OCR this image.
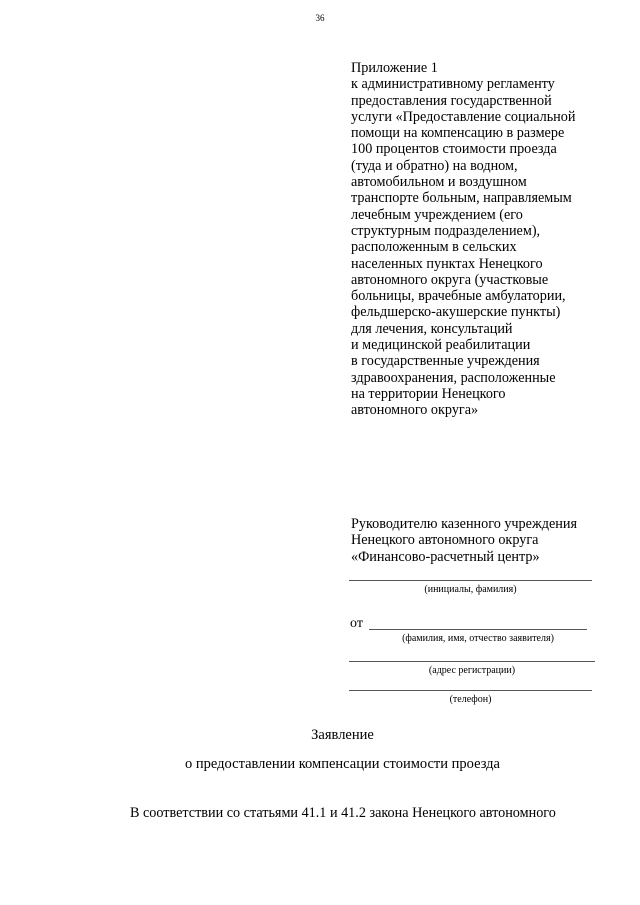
36
Приложение 1
к административному регламенту
предоставления государственной
услуги «Предоставление социальной
помощи на компенсацию в размере
100 процентов стоимости проезда
(туда и обратно) на водном,
автомобильном и воздушном
транспорте больным, направляемым
лечебным учреждением (его
структурным подразделением),
расположенным в сельских
населенных пунктах Ненецкого
автономного округа (участковые
больницы, врачебные амбулатории,
фельдшерско-акушерские пункты)
для лечения, консультаций
и медицинской реабилитации
в государственные учреждения
здравоохранения, расположенные
на территории Ненецкого
автономного округа»
Руководителю казенного учреждения
Ненецкого автономного округа
«Финансово-расчетный центр»
(инициалы, фамилия)
от
(фамилия, имя, отчество заявителя)
(адрес регистрации)
(телефон)
Заявление
о предоставлении компенсации стоимости проезда
В соответствии со статьями 41.1 и 41.2 закона Ненецкого автономного
